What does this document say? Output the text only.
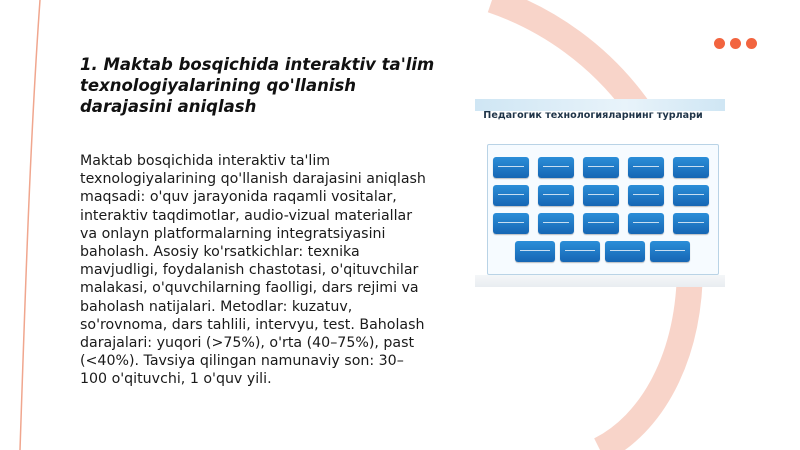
1. Maktab bosqichida interaktiv ta'lim texnologiyalarining qo'llanish darajasini aniqlash

Maktab bosqichida interaktiv ta'lim texnologiyalarining qo'llanish darajasini aniqlash maqsadi: o'quv jarayonida raqamli vositalar, interaktiv taqdimotlar, audio-vizual materiallar va onlayn platformalarning integratsiyasini baholash. Asosiy ko'rsatkichlar: texnika mavjudligi, foydalanish chastotasi, o'qituvchilar malakasi, o'quvchilarning faolligi, dars rejimi va baholash natijalari. Metodlar: kuzatuv, so'rovnoma, dars tahlili, intervyu, test. Baholash darajalari: yuqori (>75%), o'rta (40–75%), past (<40%). Tavsiya qilingan namunaviy son: 30–100 o'qituvchi, 1 o'quv yili.

Педагогик технологияларнинг турлари
